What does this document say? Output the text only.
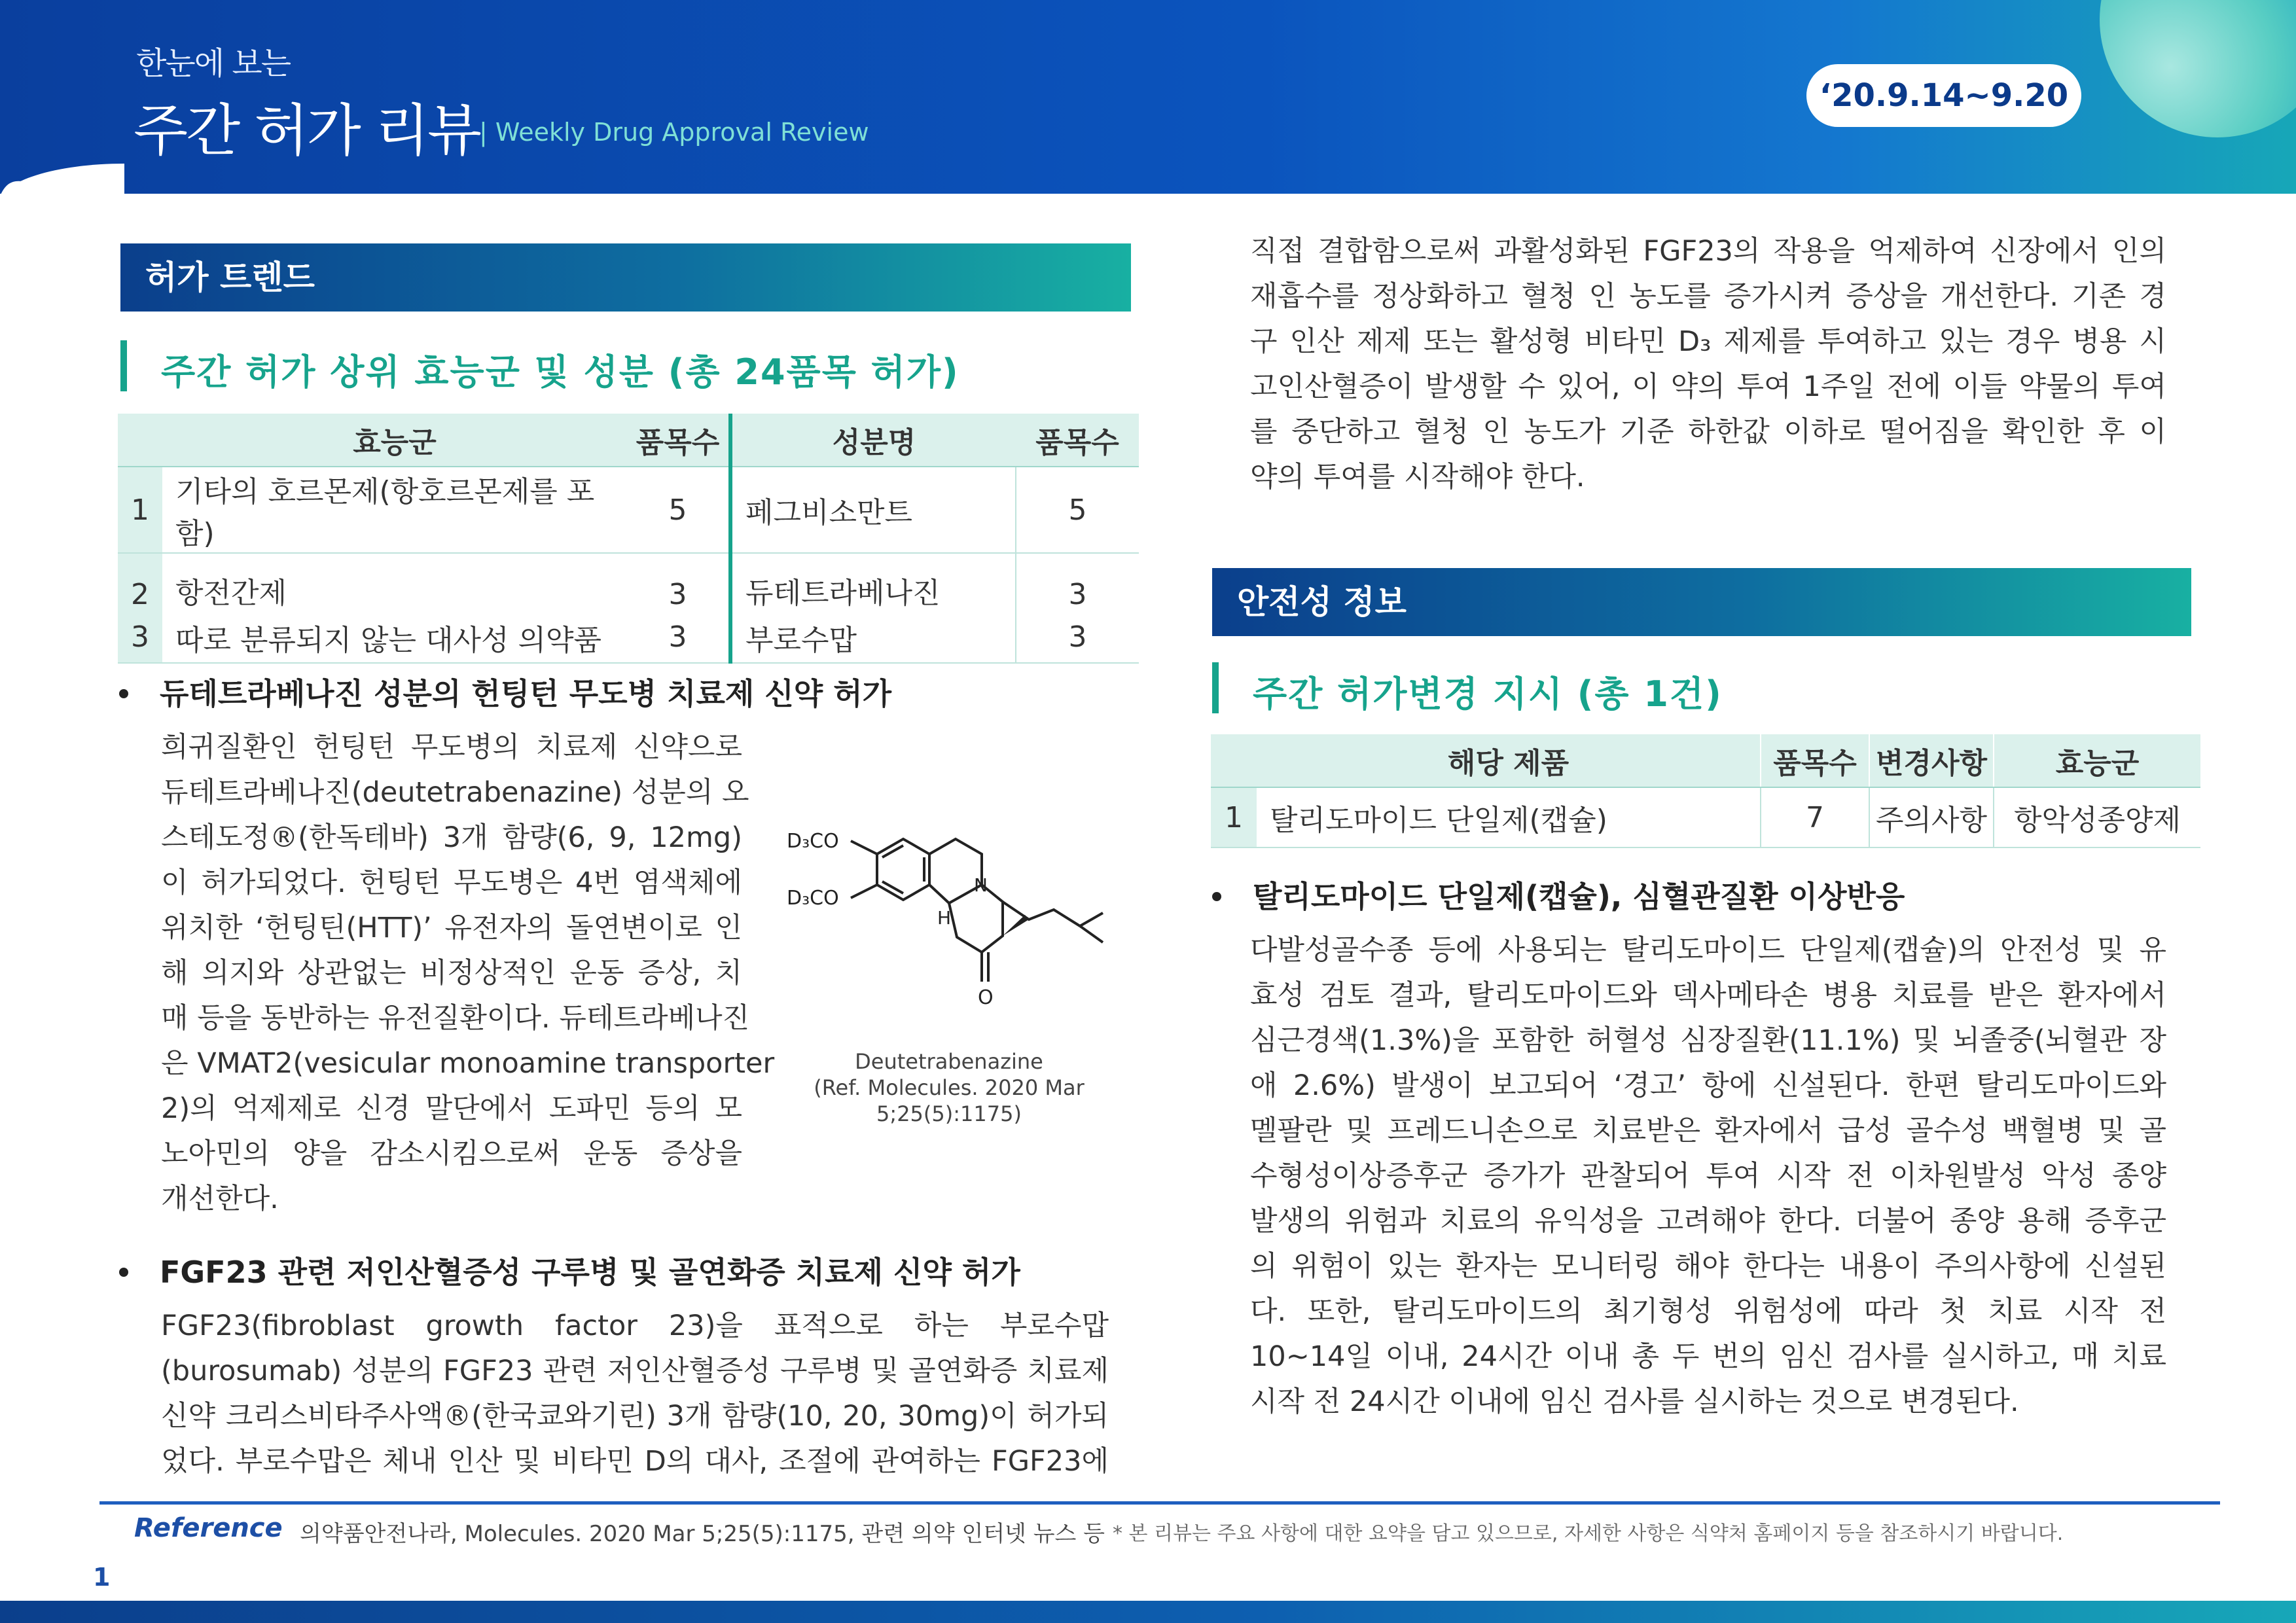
한눈에 보는
주간 허가 리뷰
| Weekly Drug Approval Review
‘20.9.14~9.20
허가 트렌드
주간 허가 상위 효능군 및 성분 (총 24품목 허가)
	효능군	품목수	성분명	품목수
1	기타의 호르몬제(항호르몬제를 포함)	5	페그비소만트	5
2	항전간제	3	듀테트라베나진	3
3	따로 분류되지 않는 대사성 의약품	3	부로수맙	3
듀테트라베나진 성분의 헌팅턴 무도병 치료제 신약 허가
희귀질환인 헌팅턴 무도병의 치료제 신약으로
듀테트라베나진(deutetrabenazine) 성분의 오
스테도정®(한독테바) 3개 함량(6, 9, 12mg)
이 허가되었다. 헌팅턴 무도병은 4번 염색체에
위치한 ‘헌팅틴(HTT)’ 유전자의 돌연변이로 인
해 의지와 상관없는 비정상적인 운동 증상, 치
매 등을 동반하는 유전질환이다. 듀테트라베나진
은 VMAT2(vesicular monoamine transporter
2)의 억제제로 신경 말단에서 도파민 등의 모
노아민의 양을 감소시킴으로써 운동 증상을
개선한다.
D₃CO
D₃CO
N
H
O
Deutetrabenazine
(Ref. Molecules. 2020 Mar
5;25(5):1175)
FGF23 관련 저인산혈증성 구루병 및 골연화증 치료제 신약 허가
FGF23(fibroblast growth factor 23)을 표적으로 하는 부로수맙
(burosumab) 성분의 FGF23 관련 저인산혈증성 구루병 및 골연화증 치료제
신약 크리스비타주사액®(한국쿄와기린) 3개 함량(10, 20, 30mg)이 허가되
었다. 부로수맙은 체내 인산 및 비타민 D의 대사, 조절에 관여하는 FGF23에
직접 결합함으로써 과활성화된 FGF23의 작용을 억제하여 신장에서 인의
재흡수를 정상화하고 혈청 인 농도를 증가시켜 증상을 개선한다. 기존 경
구 인산 제제 또는 활성형 비타민 D₃ 제제를 투여하고 있는 경우 병용 시
고인산혈증이 발생할 수 있어, 이 약의 투여 1주일 전에 이들 약물의 투여
를 중단하고 혈청 인 농도가 기준 하한값 이하로 떨어짐을 확인한 후 이
약의 투여를 시작해야 한다.
안전성 정보
주간 허가변경 지시 (총 1건)
	해당 제품	품목수	변경사항	효능군
1	탈리도마이드 단일제(캡슐)	7	주의사항	항악성종양제
탈리도마이드 단일제(캡슐), 심혈관질환 이상반응
다발성골수종 등에 사용되는 탈리도마이드 단일제(캡슐)의 안전성 및 유
효성 검토 결과, 탈리도마이드와 덱사메타손 병용 치료를 받은 환자에서
심근경색(1.3%)을 포함한 허혈성 심장질환(11.1%) 및 뇌졸중(뇌혈관 장
애 2.6%) 발생이 보고되어 ‘경고’ 항에 신설된다. 한편 탈리도마이드와
멜팔란 및 프레드니손으로 치료받은 환자에서 급성 골수성 백혈병 및 골
수형성이상증후군 증가가 관찰되어 투여 시작 전 이차원발성 악성 종양
발생의 위험과 치료의 유익성을 고려해야 한다. 더불어 종양 용해 증후군
의 위험이 있는 환자는 모니터링 해야 한다는 내용이 주의사항에 신설된
다. 또한, 탈리도마이드의 최기형성 위험성에 따라 첫 치료 시작 전
10~14일 이내, 24시간 이내 총 두 번의 임신 검사를 실시하고, 매 치료
시작 전 24시간 이내에 임신 검사를 실시하는 것으로 변경된다.
Reference 의약품안전나라, Molecules. 2020 Mar 5;25(5):1175, 관련 의약 인터넷 뉴스 등 * 본 리뷰는 주요 사항에 대한 요약을 담고 있으므로, 자세한 사항은 식약처 홈페이지 등을 참조하시기 바랍니다.
1
